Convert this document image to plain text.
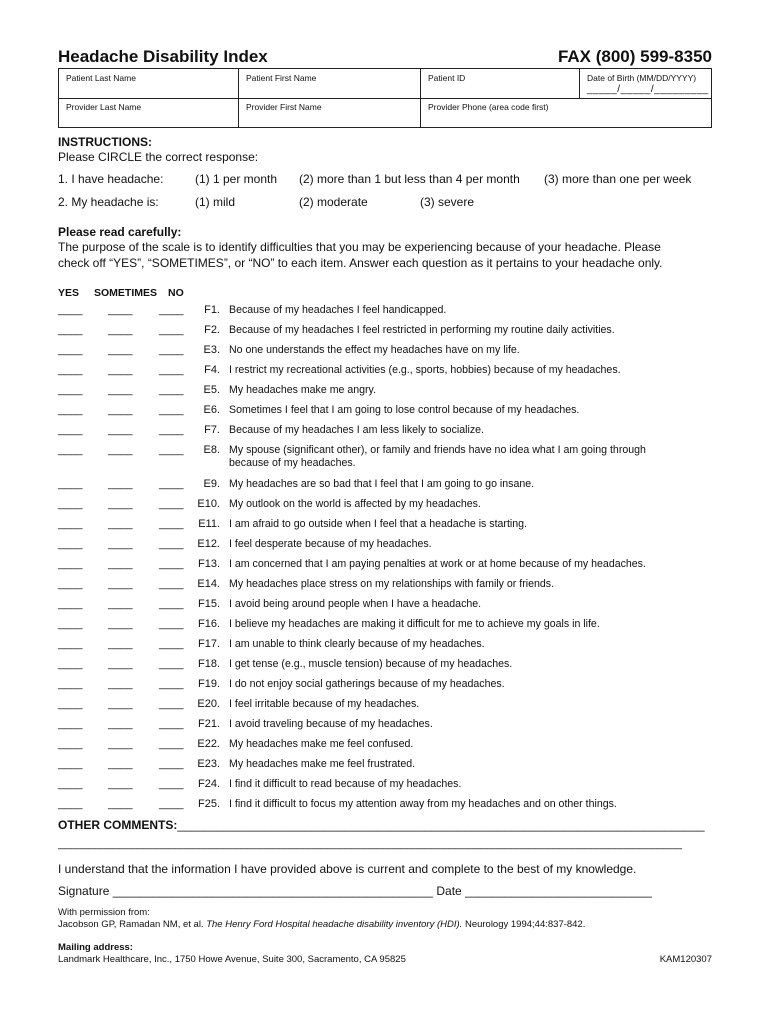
Headache Disability Index	FAX (800) 599-8350
Patient Last Name	Patient First Name	Patient ID	Date of Birth (MM/DD/YYYY)
_____/_____/_________
Provider Last Name	Provider First Name	Provider Phone (area code first)
INSTRUCTIONS:
Please CIRCLE the correct response:
1. I have headache:	(1) 1 per month (2) more than 1 but less than 4 per month (3) more than one per week
2. My headache is:	(1) mild	(2) moderate	(3) severe
Please read carefully:
The purpose of the scale is to identify difficulties that you may be experiencing because of your headache. Please
check off “YES”, “SOMETIMES”, or “NO” to each item. Answer each question as it pertains to your headache only.
YES SOMETIMES NO
____ ____ ____	F1. Because of my headaches I feel handicapped.
____ ____ ____	F2. Because of my headaches I feel restricted in performing my routine daily activities.
____ ____ ____	E3. No one understands the effect my headaches have on my life.
____ ____ ____	F4. I restrict my recreational activities (e.g., sports, hobbies) because of my headaches.
____ ____ ____	E5. My headaches make me angry.
____ ____ ____	E6. Sometimes I feel that I am going to lose control because of my headaches.
____ ____ ____	F7. Because of my headaches I am less likely to socialize.
____ ____ ____	E8. My spouse (significant other), or family and friends have no idea what I am going through
because of my headaches.
____ ____ ____	E9. My headaches are so bad that I feel that I am going to go insane.
____ ____ ____	E10. My outlook on the world is affected by my headaches.
____ ____ ____	E11. I am afraid to go outside when I feel that a headache is starting.
____ ____ ____	E12. I feel desperate because of my headaches.
____ ____ ____	F13. I am concerned that I am paying penalties at work or at home because of my headaches.
____ ____ ____	E14. My headaches place stress on my relationships with family or friends.
____ ____ ____	F15. I avoid being around people when I have a headache.
____ ____ ____	F16. I believe my headaches are making it difficult for me to achieve my goals in life.
____ ____ ____	F17. I am unable to think clearly because of my headaches.
____ ____ ____	F18. I get tense (e.g., muscle tension) because of my headaches.
____ ____ ____	F19. I do not enjoy social gatherings because of my headaches.
____ ____ ____	E20. I feel irritable because of my headaches.
____ ____ ____	F21. I avoid traveling because of my headaches.
____ ____ ____	E22. My headaches make me feel confused.
____ ____ ____	E23. My headaches make me feel frustrated.
____ ____ ____	F24. I find it difficult to read because of my headaches.
____ ____ ____	F25. I find it difficult to focus my attention away from my headaches and on other things.
OTHER COMMENTS:_______________________________________________________________________________
______________________________________________________________________________________________________
I understand that the information I have provided above is current and complete to the best of my knowledge.
Signature ________________________________________________ Date ____________________________
With permission from:
Jacobson GP, Ramadan NM, et al. The Henry Ford Hospital headache disability inventory (HDI). Neurology 1994;44:837-842.
Mailing address:
Landmark Healthcare, Inc., 1750 Howe Avenue, Suite 300, Sacramento, CA 95825	KAM120307
